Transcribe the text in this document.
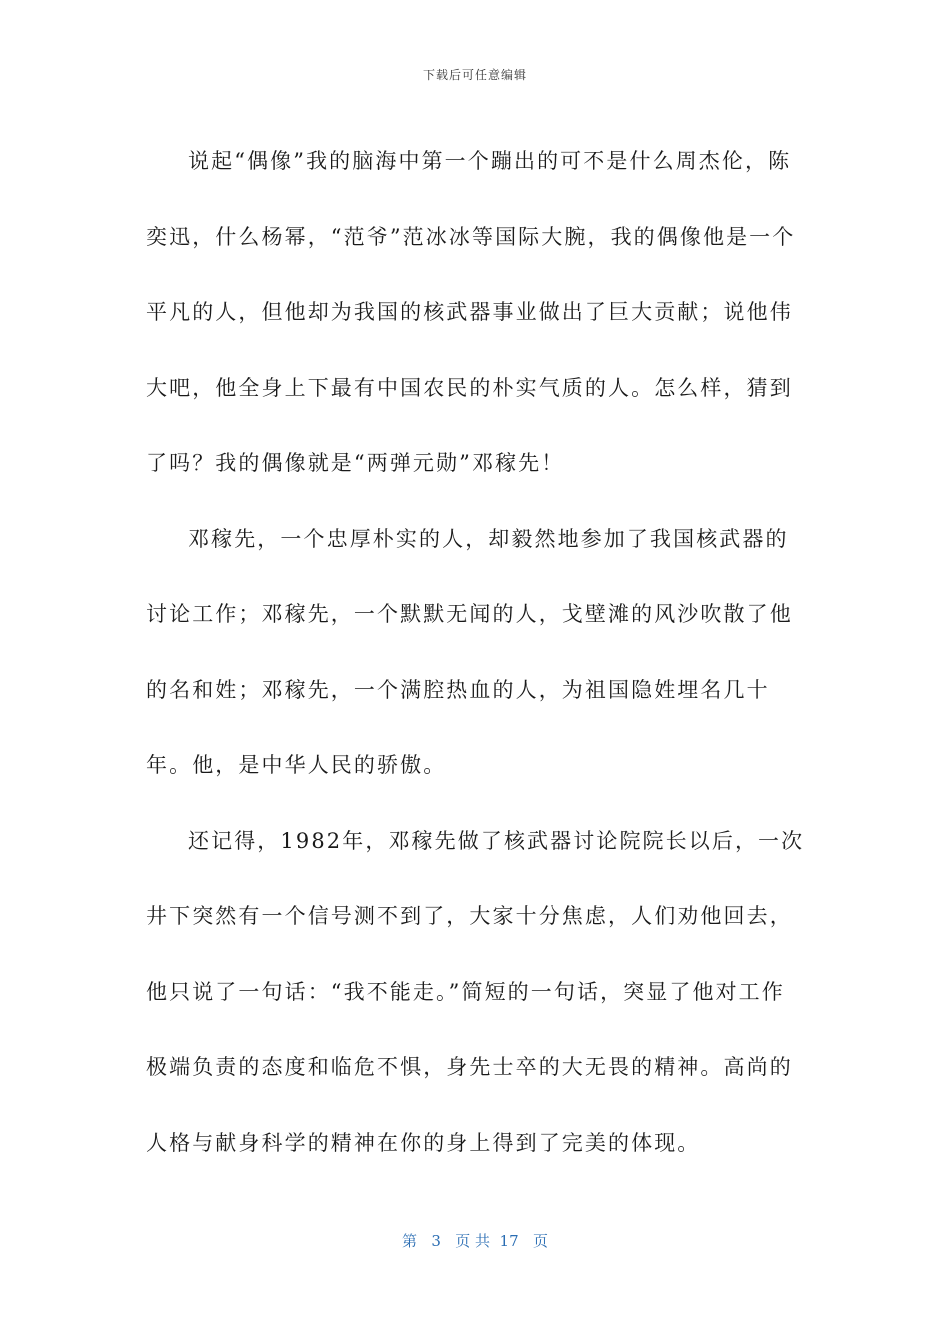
下载后可任意编辑

说起“偶像”我的脑海中第一个蹦出的可不是什么周杰伦，陈奕迅，什么杨幂，“范爷”范冰冰等国际大腕，我的偶像他是一个平凡的人，但他却为我国的核武器事业做出了巨大贡献；说他伟大吧，他全身上下最有中国农民的朴实气质的人。怎么样，猜到了吗？我的偶像就是“两弹元勋”邓稼先！

邓稼先，一个忠厚朴实的人，却毅然地参加了我国核武器的讨论工作；邓稼先，一个默默无闻的人，戈壁滩的风沙吹散了他的名和姓；邓稼先，一个满腔热血的人，为祖国隐姓埋名几十年。他，是中华人民的骄傲。

还记得，1982年，邓稼先做了核武器讨论院院长以后，一次井下突然有一个信号测不到了，大家十分焦虑，人们劝他回去，他只说了一句话：“我不能走。”简短的一句话，突显了他对工作极端负责的态度和临危不惧，身先士卒的大无畏的精神。高尚的人格与献身科学的精神在你的身上得到了完美的体现。

第 3 页 共 17 页
